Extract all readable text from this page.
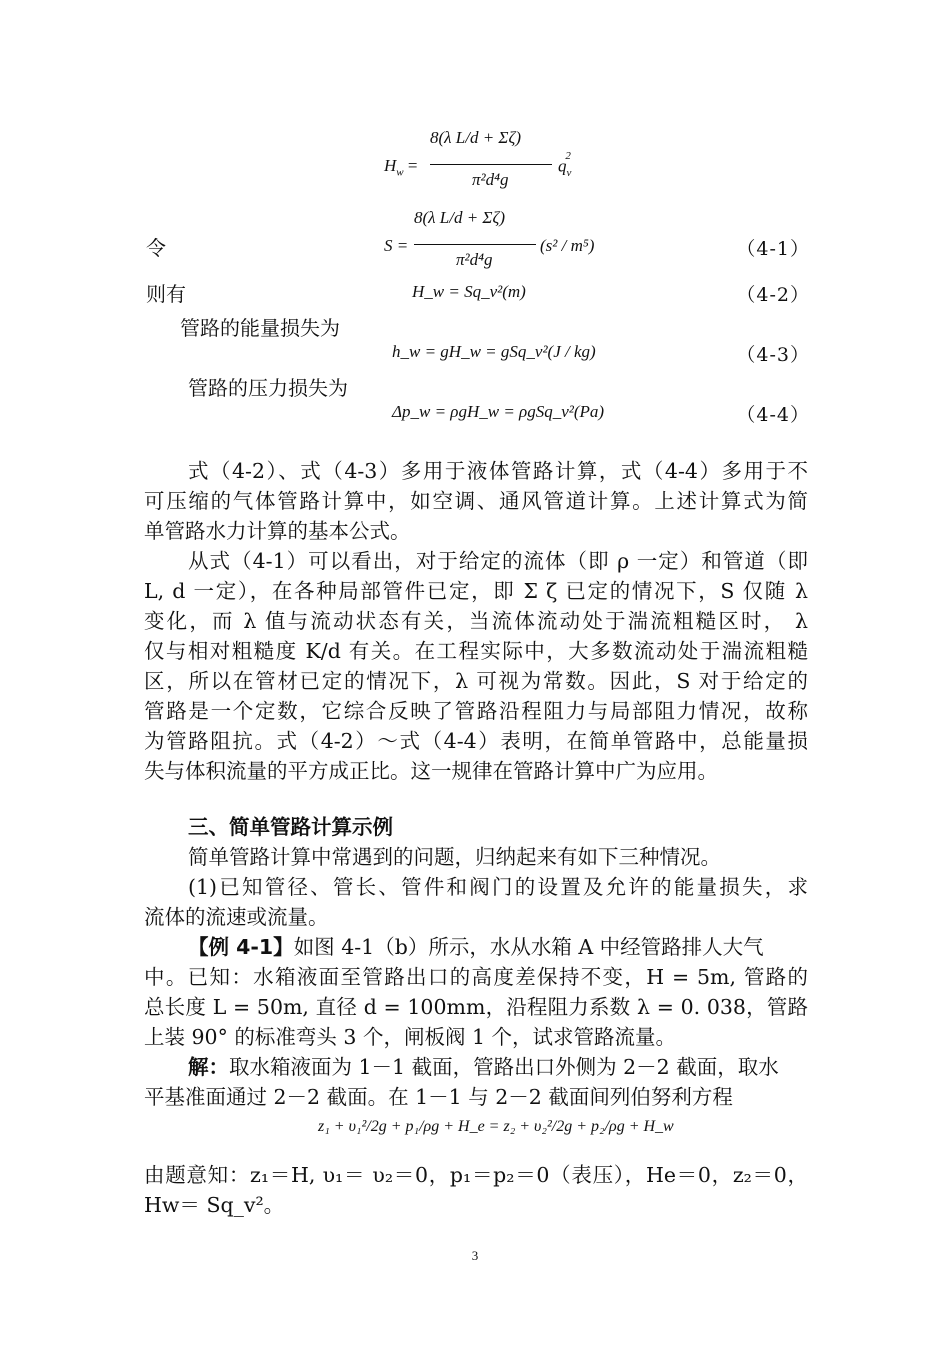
$H_w$ =
8(λ L/d + Σζ)
π²d⁴g
$q_v^2$
令	S =
8(λ L/d + Σζ)
π²d⁴g
(s² / m⁵)	（4-1）
则有	H_w = Sq_v²(m)	（4-2）
管路的能量损失为
h_w = gH_w = gSq_v²(J / kg)	（4-3）
管路的压力损失为
Δp_w = ρgH_w = ρgSq_v²(Pa)	（4-4）
式（4-2）、式（4-3）多用于液体管路计算，式（4-4）多用于不
可压缩的气体管路计算中，如空调、通风管道计算。上述计算式为简
单管路水力计算的基本公式。
从式（4-1）可以看出，对于给定的流体（即 ρ 一定）和管道（即
L, d 一定），在各种局部管件已定，即 Σ ζ 已定的情况下，S 仅随 λ
变化，而 λ 值与流动状态有关，当流体流动处于湍流粗糙区时， λ
仅与相对粗糙度 K/d 有关。在工程实际中，大多数流动处于湍流粗糙
区，所以在管材已定的情况下，λ 可视为常数。因此，S 对于给定的
管路是一个定数，它综合反映了管路沿程阻力与局部阻力情况，故称
为管路阻抗。式（4-2）～式（4-4）表明，在简单管路中，总能量损
失与体积流量的平方成正比。这一规律在管路计算中广为应用。
三、简单管路计算示例
简单管路计算中常遇到的问题，归纳起来有如下三种情况。
(1)已知管径、管长、管件和阀门的设置及允许的能量损失，求
流体的流速或流量。
【例 4-1】如图 4-1（b）所示，水从水箱 A 中经管路排人大气
中。已知：水箱液面至管路出口的高度差保持不变，H = 5m, 管路的
总长度 L = 50m, 直径 d = 100mm，沿程阻力系数 λ = 0. 038，管路
上装 90° 的标准弯头 3 个，闸板阀 1 个，试求管路流量。
解：取水箱液面为 1－1 截面，管路出口外侧为 2－2 截面，取水
平基准面通过 2－2 截面。在 1－1 与 2－2 截面间列伯努利方程
z₁ + υ₁²/2g + p₁/ρg + H_e = z₂ + υ₂²/2g + p₂/ρg + H_w
由题意知：z₁＝H, υ₁＝ υ₂＝0，p₁＝p₂＝0（表压），He＝0，z₂＝0，
Hw＝ Sq_v²。
3
